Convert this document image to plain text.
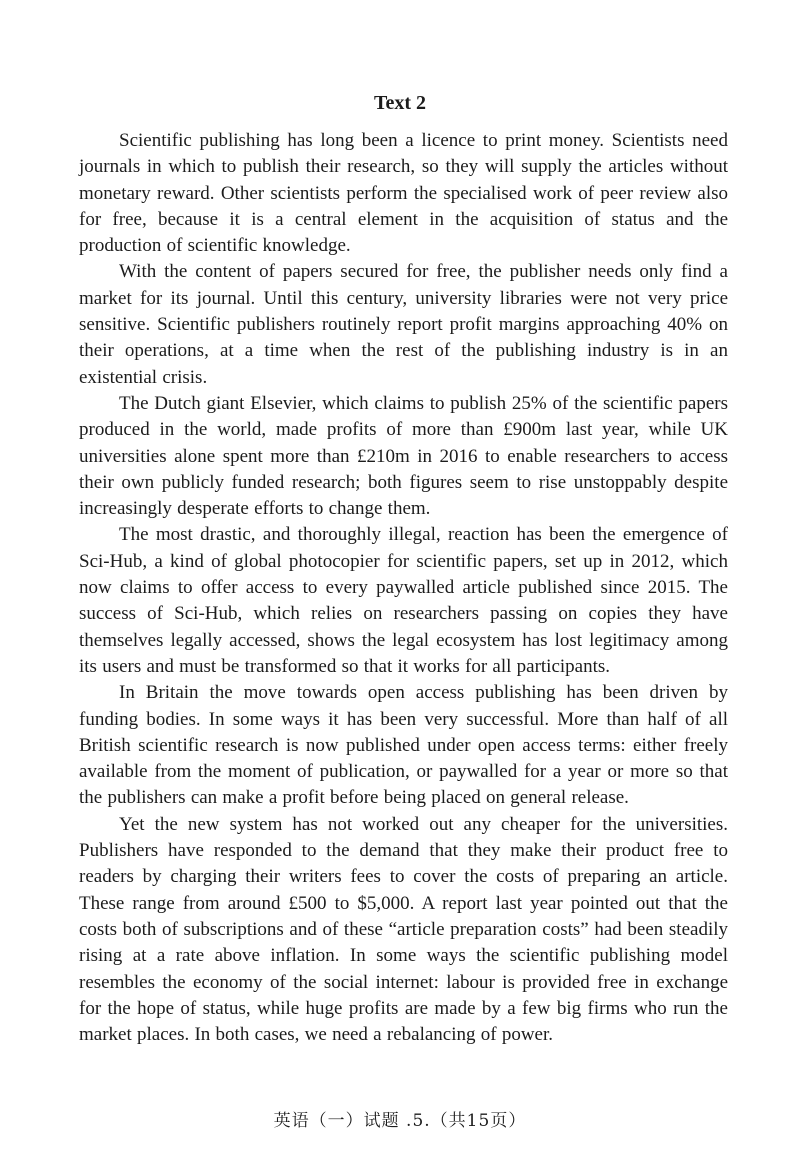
Text 2

Scientific publishing has long been a licence to print money. Scientists need journals in which to publish their research, so they will supply the articles without monetary reward. Other scientists perform the specialised work of peer review also for free, because it is a central element in the acquisition of status and the production of scientific knowledge.

With the content of papers secured for free, the publisher needs only find a market for its journal. Until this century, university libraries were not very price sensitive. Scientific publishers routinely report profit margins approaching 40% on their operations, at a time when the rest of the publishing industry is in an existential crisis.

The Dutch giant Elsevier, which claims to publish 25% of the scientific papers produced in the world, made profits of more than £900m last year, while UK universities alone spent more than £210m in 2016 to enable researchers to access their own publicly funded research; both figures seem to rise unstoppably despite increasingly desperate efforts to change them.

The most drastic, and thoroughly illegal, reaction has been the emergence of Sci-Hub, a kind of global photocopier for scientific papers, set up in 2012, which now claims to offer access to every paywalled article published since 2015. The success of Sci-Hub, which relies on researchers passing on copies they have themselves legally accessed, shows the legal ecosystem has lost legitimacy among its users and must be transformed so that it works for all participants.

In Britain the move towards open access publishing has been driven by funding bodies. In some ways it has been very successful. More than half of all British scientific research is now published under open access terms: either freely available from the moment of publication, or paywalled for a year or more so that the publishers can make a profit before being placed on general release.

Yet the new system has not worked out any cheaper for the universities. Publishers have responded to the demand that they make their product free to readers by charging their writers fees to cover the costs of preparing an article. These range from around £500 to $5,000. A report last year pointed out that the costs both of subscriptions and of these “article preparation costs” had been steadily rising at a rate above inflation. In some ways the scientific publishing model resembles the economy of the social internet: labour is provided free in exchange for the hope of status, while huge profits are made by a few big firms who run the market places. In both cases, we need a rebalancing of power.

英语（一）试题 .5.（共15页）
